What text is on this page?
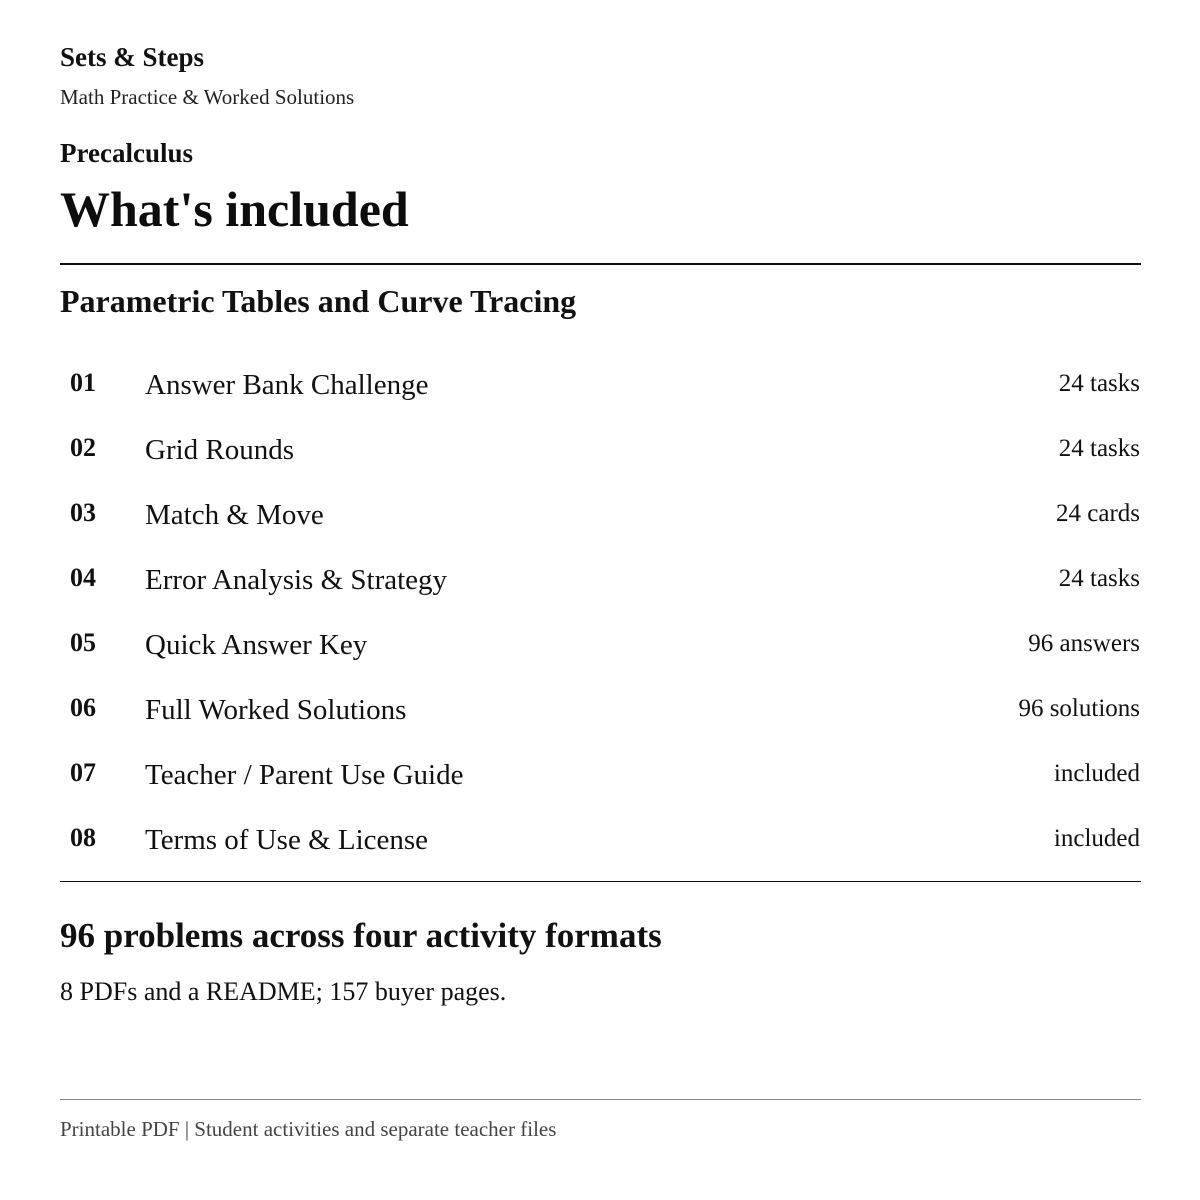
Sets & Steps
Math Practice & Worked Solutions
Precalculus
What's included
Parametric Tables and Curve Tracing
01 Answer Bank Challenge	24 tasks
02 Grid Rounds	24 tasks
03 Match & Move	24 cards
04 Error Analysis & Strategy	24 tasks
05 Quick Answer Key	96 answers
06 Full Worked Solutions	96 solutions
07 Teacher / Parent Use Guide	included
08 Terms of Use & License	included
96 problems across four activity formats

8 PDFs and a README; 157 buyer pages.

Printable PDF | Student activities and separate teacher files
